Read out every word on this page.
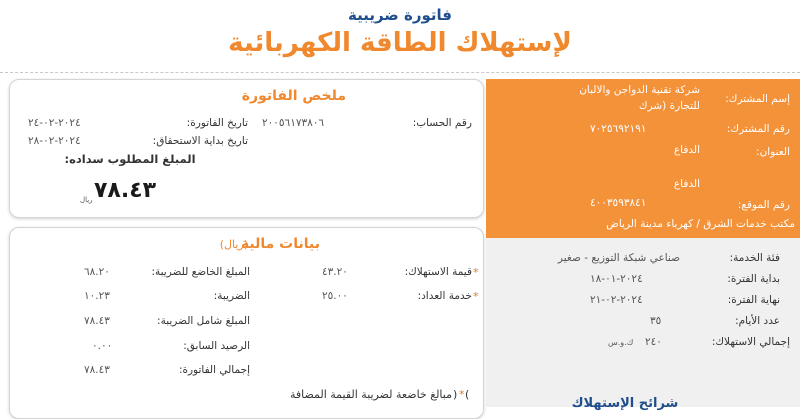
فاتورة ضريبية
لإستهلاك الطاقة الكهربائية
ملخص الفاتورة
رقم الحساب:
٢٠٠٥٦١٧٣٨٠٦
تاريخ الفاتورة:
٢٠٢٤-٠٢-٢٤
تاريخ بداية الاستحقاق:
٢٠٢٤-٠٢-٢٨
المبلغ المطلوب سداده:
٧٨.٤٣
ريال
بيانات مالية
(ريال)
*
قيمة الاستهلاك:
٤٣.٢٠
المبلغ الخاضع للضريبة:
٦٨.٢٠
*
خدمة العداد:
٢٥.٠٠
الضريبة:
١٠.٢٣
المبلغ شامل الضريبة:
٧٨.٤٣
الرصيد السابق:
٠.٠٠
إجمالي الفاتورة:
٧٨.٤٣
(
*
)
مبالغ خاضعة لضريبة القيمة المضافة
إسم المشترك:
شركة تقنية الدواجن والالبان
للتجارة (شرك
رقم المشترك:
٧٠٢٥٦٩٢١٩١
العنوان:
الدفاع
الدفاع
رقم الموقع:
٤٠٠٣٥٩٣٨٤١
مكتب خدمات الشرق / كهرباء مدينة الرياض
فئة الخدمة:
صناعي شبكة التوزيع - صغير
بداية الفترة:
٢٠٢٤-٠١-١٨
نهاية الفترة:
٢٠٢٤-٠٢-٢١
عدد الأيام:
٣٥
إجمالي الاستهلاك:
٢٤٠
ك.و.س
شرائح الإستهلاك
